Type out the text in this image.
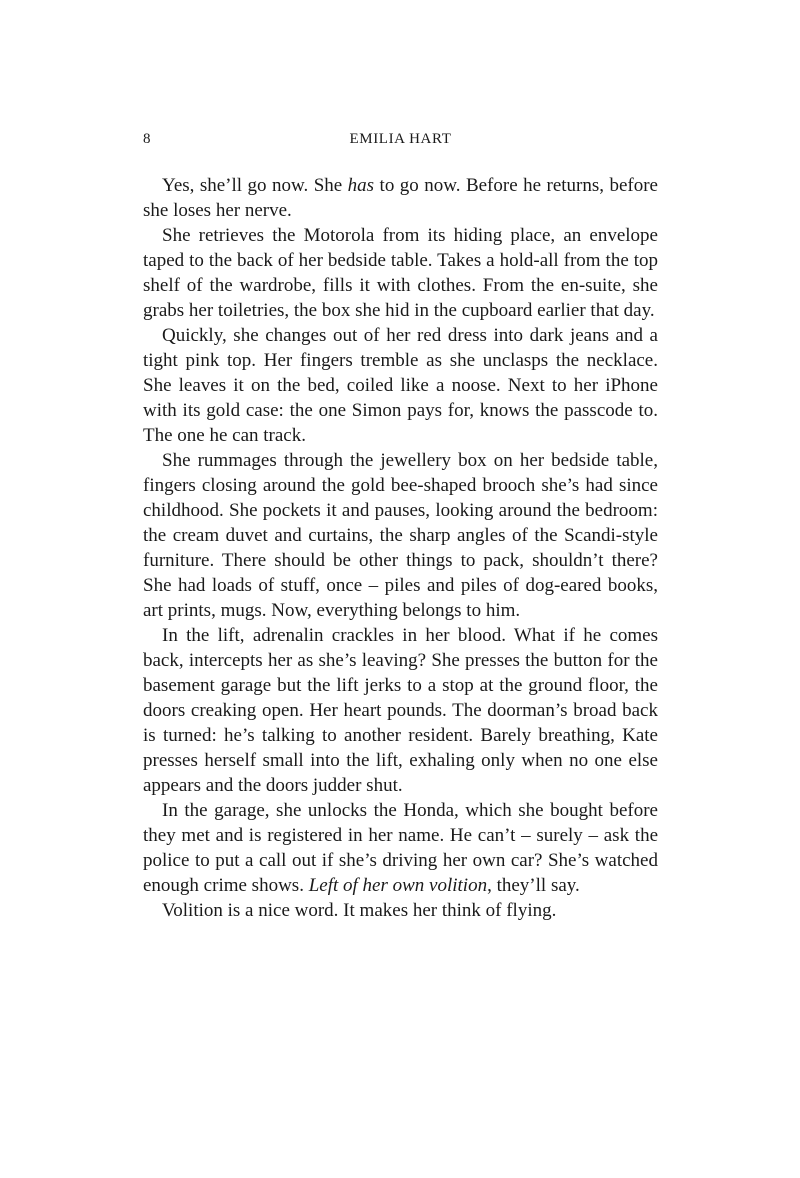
8	EMILIA HART

Yes, she’ll go now. She has to go now. Before he returns, before she loses her nerve.

She retrieves the Motorola from its hiding place, an envelope taped to the back of her bedside table. Takes a hold-all from the top shelf of the wardrobe, fills it with clothes. From the en-suite, she grabs her toiletries, the box she hid in the cupboard earlier that day.

Quickly, she changes out of her red dress into dark jeans and a tight pink top. Her fingers tremble as she unclasps the necklace. She leaves it on the bed, coiled like a noose. Next to her iPhone with its gold case: the one Simon pays for, knows the passcode to. The one he can track.

She rummages through the jewellery box on her bedside table, fingers closing around the gold bee-shaped brooch she’s had since childhood. She pockets it and pauses, looking around the bedroom: the cream duvet and curtains, the sharp angles of the Scandi-style furniture. There should be other things to pack, shouldn’t there? She had loads of stuff, once – piles and piles of dog-eared books, art prints, mugs. Now, everything belongs to him.

In the lift, adrenalin crackles in her blood. What if he comes back, intercepts her as she’s leaving? She presses the button for the basement garage but the lift jerks to a stop at the ground floor, the doors creaking open. Her heart pounds. The doorman’s broad back is turned: he’s talking to another resident. Barely breathing, Kate presses herself small into the lift, exhaling only when no one else appears and the doors judder shut.

In the garage, she unlocks the Honda, which she bought before they met and is registered in her name. He can’t – surely – ask the police to put a call out if she’s driving her own car? She’s watched enough crime shows. Left of her own volition, they’ll say.

Volition is a nice word. It makes her think of flying.
